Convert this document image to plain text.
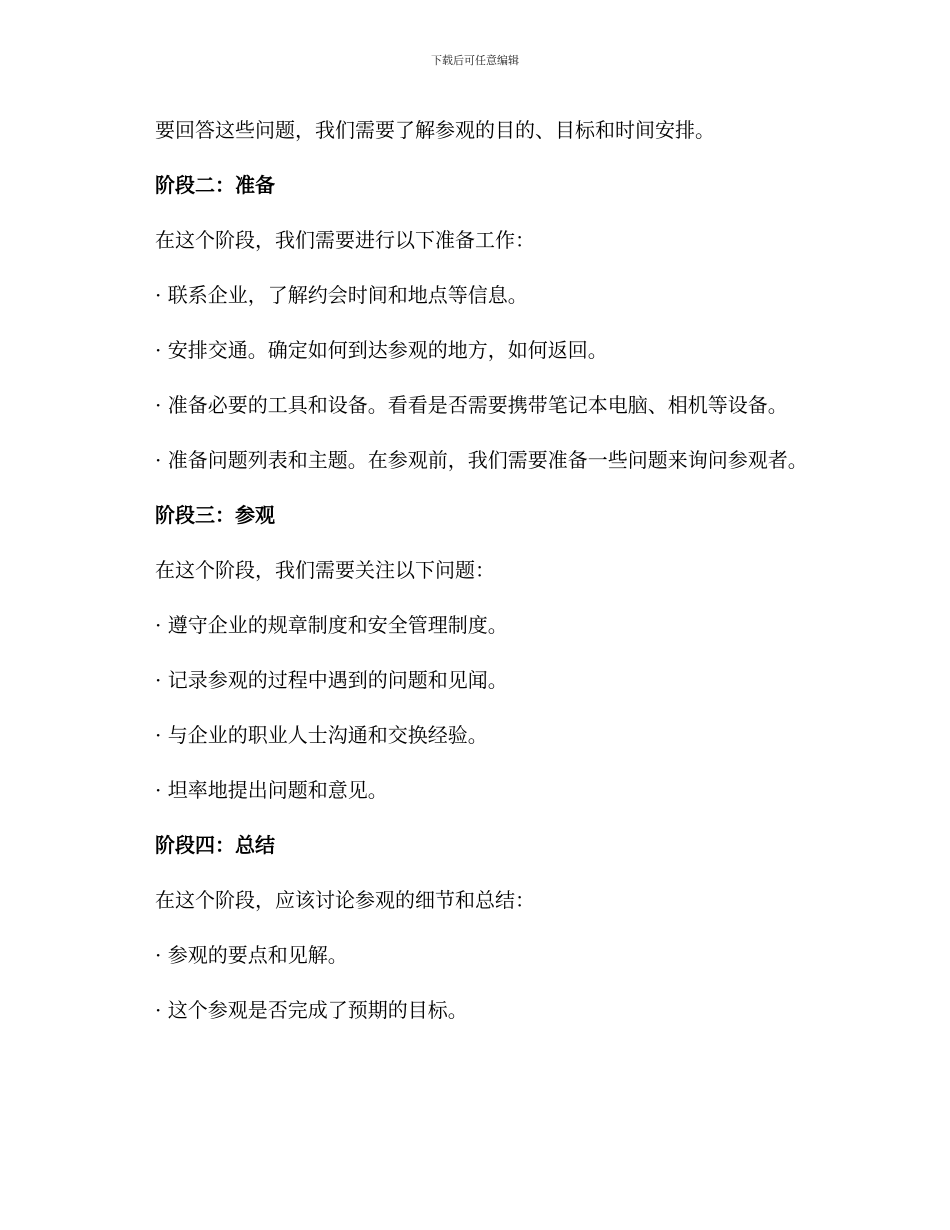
下载后可任意编辑

要回答这些问题，我们需要了解参观的目的、目标和时间安排。

阶段二：准备

在这个阶段，我们需要进行以下准备工作：

· 联系企业，了解约会时间和地点等信息。

· 安排交通。确定如何到达参观的地方，如何返回。

· 准备必要的工具和设备。看看是否需要携带笔记本电脑、相机等设备。

· 准备问题列表和主题。在参观前，我们需要准备一些问题来询问参观者。

阶段三：参观

在这个阶段，我们需要关注以下问题：

· 遵守企业的规章制度和安全管理制度。

· 记录参观的过程中遇到的问题和见闻。

· 与企业的职业人士沟通和交换经验。

· 坦率地提出问题和意见。

阶段四：总结

在这个阶段，应该讨论参观的细节和总结：

· 参观的要点和见解。

· 这个参观是否完成了预期的目标。
